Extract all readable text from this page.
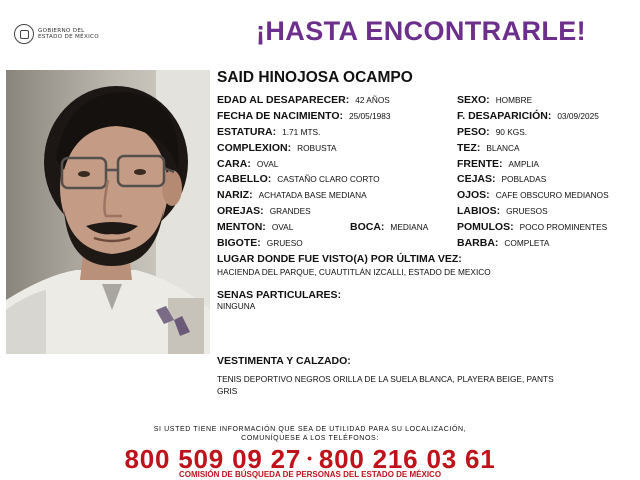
GOBIERNO DEL
ESTADO DE MÉXICO	¡HASTA ENCONTRARLE!
SAID HINOJOSA OCAMPO
EDAD AL DESAPARECER: 42 AÑOS
FECHA DE NACIMIENTO: 25/05/1983
ESTATURA: 1.71 MTS.
COMPLEXION: ROBUSTA
CARA: OVAL
CABELLO: CASTAÑO CLARO CORTO
NARIZ: ACHATADA BASE MEDIANA
OREJAS: GRANDES
MENTON: OVAL	BOCA: MEDIANA
BIGOTE: GRUESO
SEXO: HOMBRE
F. DESAPARICIÓN: 03/09/2025
PESO: 90 KGS.
TEZ: BLANCA
FRENTE: AMPLIA
CEJAS: POBLADAS
OJOS: CAFE OBSCURO MEDIANOS
LABIOS: GRUESOS
POMULOS: POCO PROMINENTES
BARBA: COMPLETA
LUGAR DONDE FUE VISTO(A) POR ÚLTIMA VEZ:
HACIENDA DEL PARQUE, CUAUTITLÁN IZCALLI, ESTADO DE MEXICO
SENAS PARTICULARES:
NINGUNA
VESTIMENTA Y CALZADO:
TENIS DEPORTIVO NEGROS ORILLA DE LA SUELA BLANCA, PLAYERA BEIGE, PANTS
GRIS
SI USTED TIENE INFORMACIÓN QUE SEA DE UTILIDAD PARA SU LOCALIZACIÓN,
COMUNÍQUESE A LOS TELÉFONOS:
800 509 09 27 • 800 216 03 61
COMISIÓN DE BÚSQUEDA DE PERSONAS DEL ESTADO DE MÉXICO
